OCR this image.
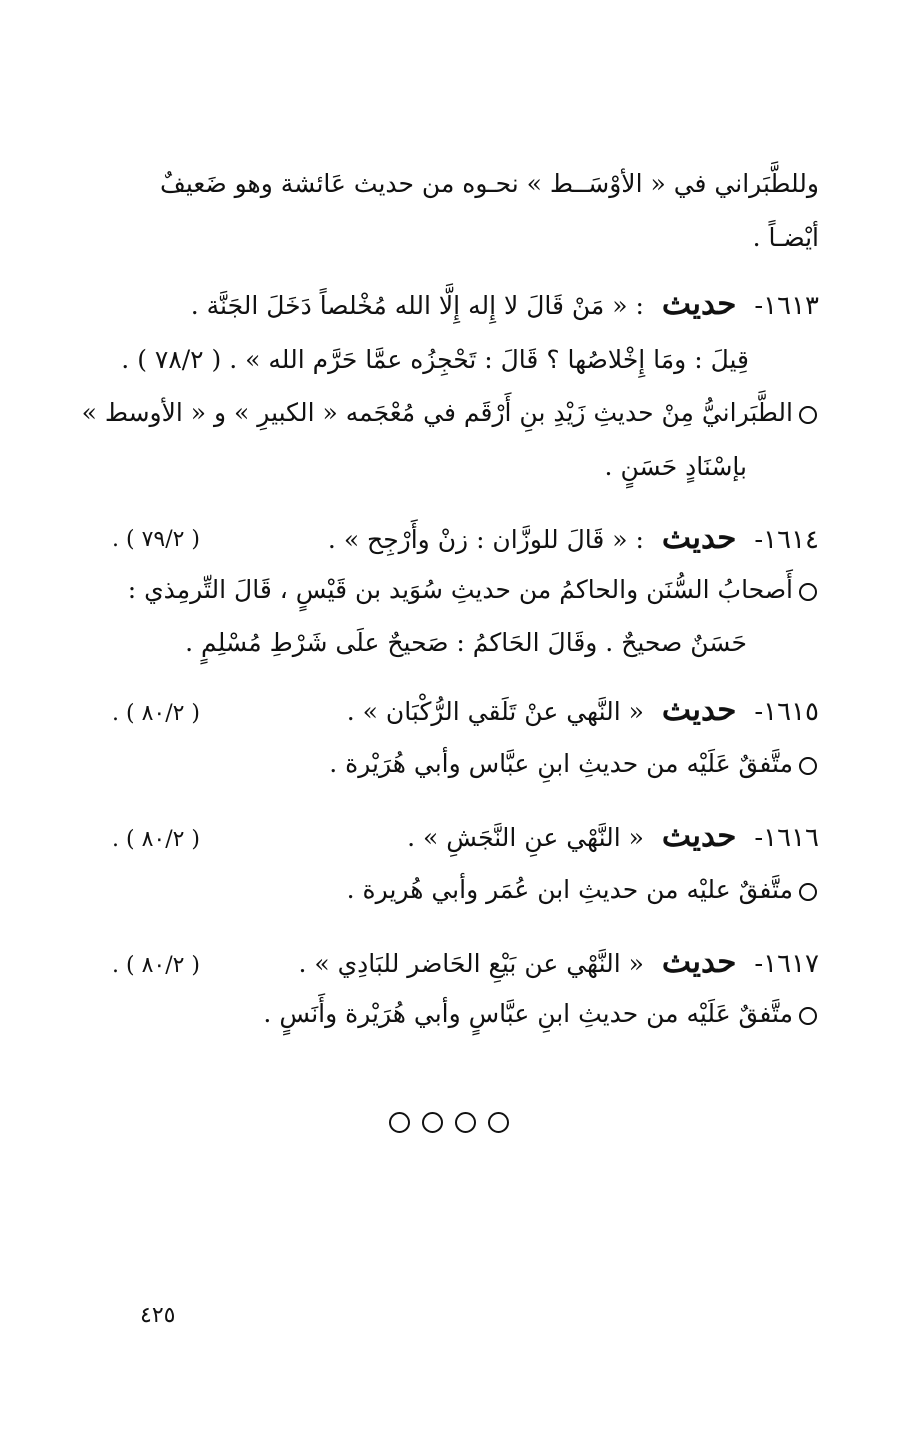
وللطَّبَراني في « الأوْسَــط » نحـوه من حديث عَائشة وهو ضَعيفٌ
أيْضـاً .
١٦١٣- حديث : « مَنْ قَالَ لا إِله إِلَّا الله مُخْلصاً دَخَلَ الجَنَّة .
قِيلَ : ومَا إِخْلاصُها ؟ قَالَ : تَحْجِزُه عمَّا حَرَّم الله » . ( ٧٨/٢ ) .
الطَّبَرانيُّ مِنْ حديثِ زَيْدِ بنِ أَرْقَم في مُعْجَمه « الكبيرِ » و « الأوسط »
بإسْنَادٍ حَسَنٍ .
١٦١٤- حديث : « قَالَ للوزَّان : زنْ وأَرْجِح » .
( ٧٩/٢ ) .
أَصحابُ السُّنَن والحاكمُ من حديثِ سُوَيد بن قَيْسٍ ، قَالَ التِّرمِذي :
حَسَنٌ صحيحٌ . وقَالَ الحَاكمُ : صَحيحٌ علَى شَرْطِ مُسْلِمٍ .
١٦١٥- حديث « النَّهي عنْ تَلَقي الرُّكْبَان » .
( ٨٠/٢ ) .
متَّفقٌ عَلَيْه من حديثِ ابنِ عبَّاس وأبي هُرَيْرة .
١٦١٦- حديث « النَّهْي عنِ النَّجَشِ » .
( ٨٠/٢ ) .
متَّفقٌ عليْه من حديثِ ابن عُمَر وأبي هُريرة .
١٦١٧- حديث « النَّهْي عن بَيْعِ الحَاضر للبَادِي » .
( ٨٠/٢ ) .
متَّفقٌ عَلَيْه من حديثِ ابنِ عبَّاسٍ وأبي هُرَيْرة وأَنَسٍ .
٤٢٥
